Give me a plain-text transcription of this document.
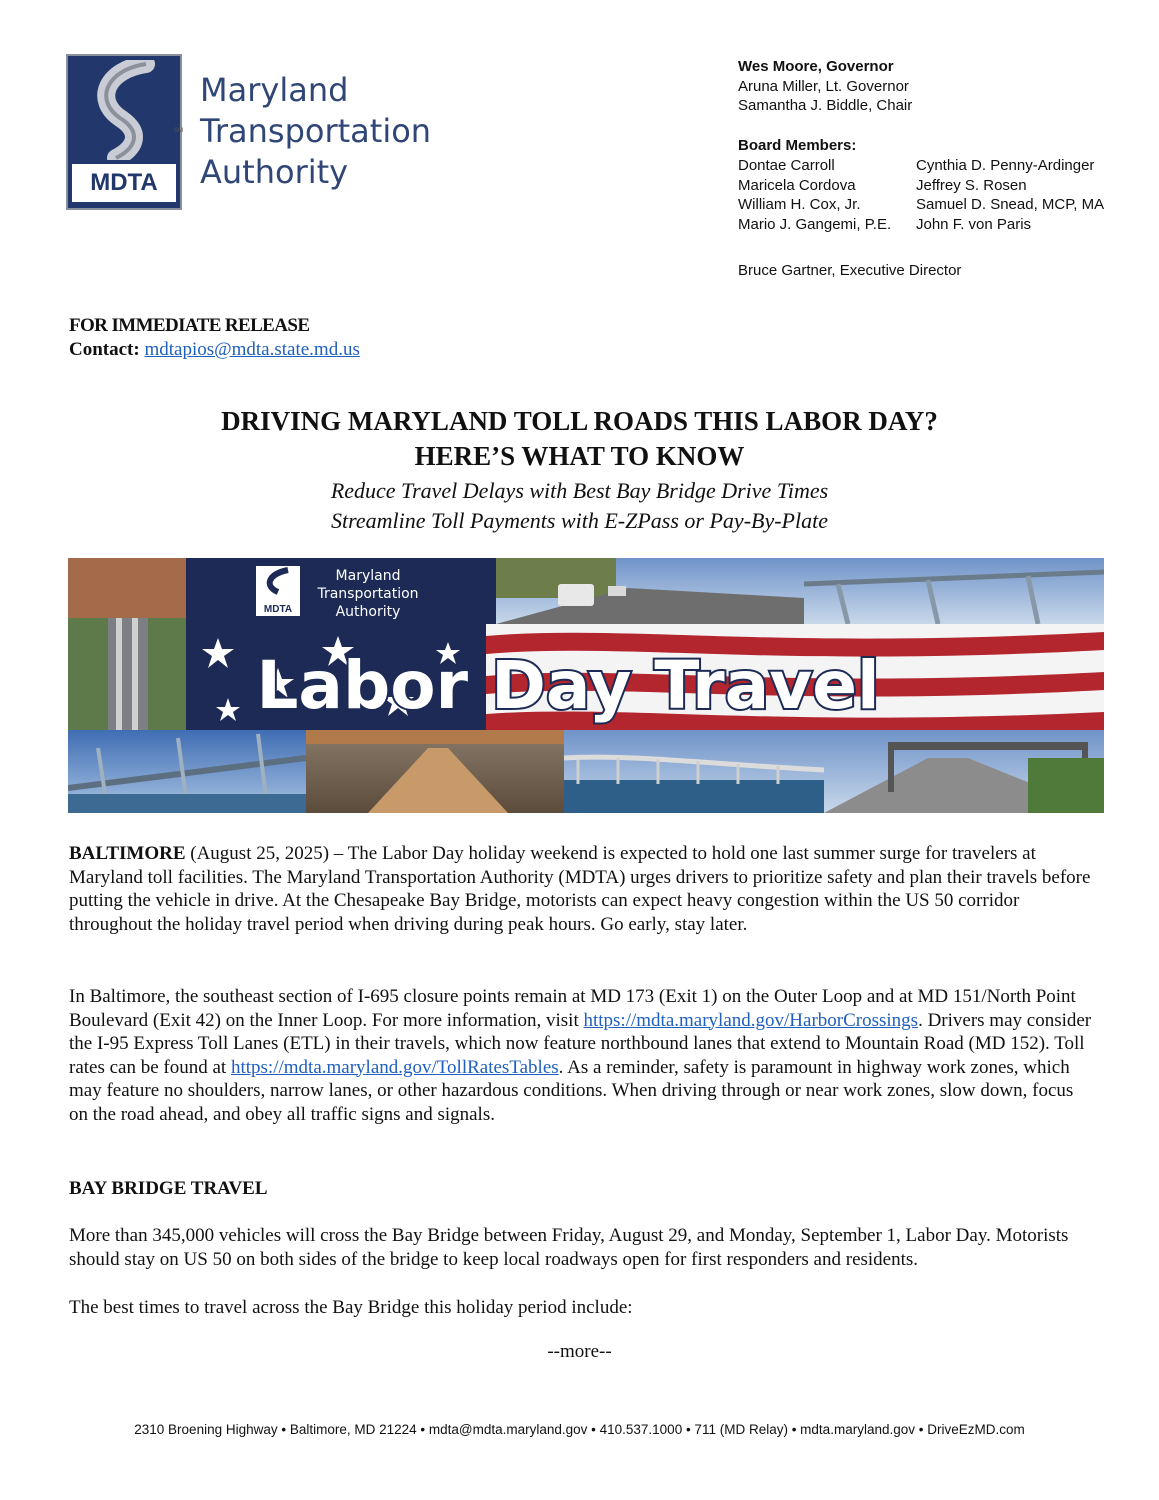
MDTA
Maryland
Transportation
Authority
SM
Wes Moore, Governor
Aruna Miller, Lt. Governor
Samantha J. Biddle, Chair
Board Members:
Dontae Carroll
Maricela Cordova
William H. Cox, Jr.
Mario J. Gangemi, P.E.
Cynthia D. Penny-Ardinger
Jeffrey S. Rosen
Samuel D. Snead, MCP, MA
John F. von Paris
Bruce Gartner, Executive Director
FOR IMMEDIATE RELEASE
Contact: mdtapios@mdta.state.md.us
DRIVING MARYLAND TOLL ROADS THIS LABOR DAY?
HERE’S WHAT TO KNOW
Reduce Travel Delays with Best Bay Bridge Drive Times
Streamline Toll Payments with E-ZPass or Pay-By-Plate
MDTA
Maryland
Transportation
Authority
Labor Day Travel
BALTIMORE (August 25, 2025) – The Labor Day holiday weekend is expected to hold one last summer surge for travelers at Maryland toll facilities. The Maryland Transportation Authority (MDTA) urges drivers to prioritize safety and plan their travels before putting the vehicle in drive. At the Chesapeake Bay Bridge, motorists can expect heavy congestion within the US 50 corridor throughout the holiday travel period when driving during peak hours. Go early, stay later.
In Baltimore, the southeast section of I-695 closure points remain at MD 173 (Exit 1) on the Outer Loop and at MD 151/North Point Boulevard (Exit 42) on the Inner Loop. For more information, visit https://mdta.maryland.gov/HarborCrossings. Drivers may consider the I-95 Express Toll Lanes (ETL) in their travels, which now feature northbound lanes that extend to Mountain Road (MD 152). Toll rates can be found at https://mdta.maryland.gov/TollRatesTables. As a reminder, safety is paramount in highway work zones, which may feature no shoulders, narrow lanes, or other hazardous conditions. When driving through or near work zones, slow down, focus on the road ahead, and obey all traffic signs and signals.
BAY BRIDGE TRAVEL
More than 345,000 vehicles will cross the Bay Bridge between Friday, August 29, and Monday, September 1, Labor Day. Motorists should stay on US 50 on both sides of the bridge to keep local roadways open for first responders and residents.
The best times to travel across the Bay Bridge this holiday period include:
--more--
2310 Broening Highway • Baltimore, MD 21224 • mdta@mdta.maryland.gov • 410.537.1000 • 711 (MD Relay) • mdta.maryland.gov • DriveEzMD.com
